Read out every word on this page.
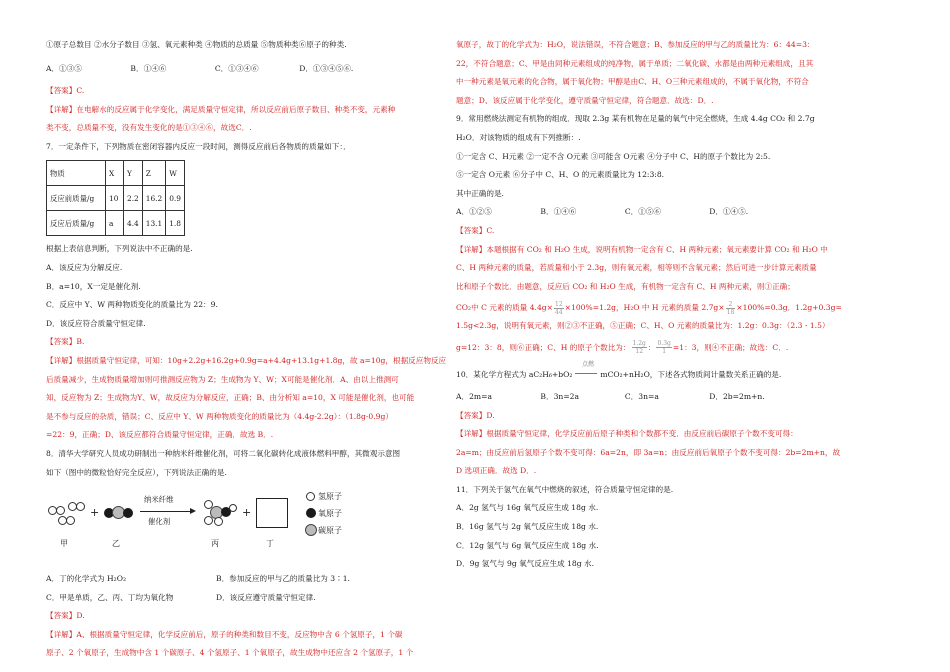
①原子总数目 ②水分子数目 ③氢、氧元素种类 ④物质的总质量 ⑤物质种类⑥原子的种类.
A．①③⑤	B．①④⑥	C．①③④⑥	D．①③④⑤⑥.
【答案】C.
【详解】在电解水的反应属于化学变化，满足质量守恒定律，所以反应前后原子数目、种类不变，元素种
类不变，总质量不变，没有发生变化的是①③④⑥，故选C．.
7．一定条件下，下列物质在密闭容器内反应一段时间，测得反应前后各物质的质量如下：．
物质	X	Y	Z	W
反应前质量/g	10	2.2	16.2	0.9
反应后质量/g	a	4.4	13.1	1.8
根据上表信息判断，下列说法中不正确的是.
A．该反应为分解反应.
B．a=10，X一定是催化剂.
C．反应中 Y、W 两种物质变化的质量比为 22：9.
D．该反应符合质量守恒定律.
【答案】B.
【详解】根据质量守恒定律，可知：10g+2.2g+16.2g+0.9g=a+4.4g+13.1g+1.8g，故 a=10g，根据反应物反应
后质量减少，生成物质量增加则可推测反应物为 Z；生成物为 Y、W；X可能是催化剂．A、由以上推测可
知，反应物为 Z；生成物为Y、W，故反应为分解反应，正确；B、由分析知 a=10，X 可能是催化剂，也可能
是不参与反应的杂质，错误；C、反应中 Y、W 两种物质变化的质量比为（4.4g-2.2g）：（1.8g-0.9g）
=22：9，正确；D、该反应都符合质量守恒定律，正确．故选 B．.
8．清华大学研究人员成功研制出一种纳米纤维催化剂，可将二氧化碳转化成液体燃料甲醇，其微观示意图
如下（图中的微粒恰好完全反应），下列说法正确的是.
甲
+
乙
纳米纤维
催化剂
丙
+
丁
氢原子
氧原子
碳原子
A．丁的化学式为 H₂O₂	B．参加反应的甲与乙的质量比为 3∶1.
C．甲是单质，乙、丙、丁均为氧化物	D．该反应遵守质量守恒定律.
【答案】D.
【详解】A、根据质量守恒定律，化学反应前后，原子的种类和数目不变，反应物中含 6 个氢原子，1 个碳
原子、2 个氧原子，生成物中含 1 个碳原子、4 个氢原子、1 个氧原子，故生成物中还应含 2 个氢原子，1 个
氧原子，故丁的化学式为：H₂O，说法错误，不符合题意；B、参加反应的甲与乙的质量比为：6：44=3：
22，不符合题意；C、甲是由同种元素组成的纯净物，属于单质；二氧化碳、水都是由两种元素组成，且其
中一种元素是氧元素的化合物，属于氧化物；甲醇是由C、H、O三种元素组成的，不属于氧化物，不符合
题意；D、该反应属于化学变化，遵守质量守恒定律，符合题意．故选：D．.
9．常用燃烧法测定有机物的组成．现取 2.3g 某有机物在足量的氧气中完全燃烧，生成 4.4g CO₂ 和 2.7g
H₂O．对该物质的组成有下列推断：.
①一定含 C、H元素 ②一定不含 O元素 ③可能含 O元素 ④分子中 C、H的原子个数比为 2:5.
⑤一定含 O元素 ⑥分子中 C、H、O 的元素质量比为 12:3:8.
其中正确的是.
A．①②⑤	B．①④⑥	C．①⑤⑥	D．①④⑤.
【答案】C.
【详解】本题根据有 CO₂ 和 H₂O 生成，说明有机物一定含有 C、H 两种元素；氧元素要计算 CO₂ 和 H₂O 中
C、H 两种元素的质量，若质量和小于 2.3g，则有氧元素，相等则不含氧元素；然后可进一步计算元素质量
比和原子个数比．由题意，反应后 CO₂ 和 H₂O 生成，有机物一定含有 C、H 两种元素，则①正确；
CO₂中 C 元素的质量 $4.4g\times \frac{12}{44} \times 100\%=1.2g$，H₂O 中 H 元素的质量 $2.7g\times \frac{2}{18} \times 100\%=0.3g$．1.2g+0.3g=
1.5g<2.3g，说明有氧元素，则②③不正确，⑤正确；C、H、O 元素的质量比为：1.2g：0.3g：（2.3 - 1.5）
g=12：3：8，则⑥正确；C、H 的原子个数比为： $\frac{1.2g}{12}$ ： $\frac{0.3g}{1} =1$：3，则④不正确；故选：C．.
点燃
10．某化学方程式为 aC₂H₆+bO₂	mCO₂+nH₂O，下述各式物质间计量数关系正确的是.
A．2m=a	B．3n=2a	C．3n=a	D．2b=2m+n.
【答案】D.
【详解】根据质量守恒定律，化学反应前后原子种类和个数都不变．由反应前后碳原子个数不变可得：
2a=m；由反应前后氢原子个数不变可得：6a=2n，即 3a=n；由反应前后氧原子个数不变可得：2b=2m+n，故
D 选项正确．故选 D．.
11．下列关于氢气在氧气中燃烧的叙述，符合质量守恒定律的是.
A．2g 氢气与 16g 氧气反应生成 18g 水.
B．16g 氢气与 2g 氧气反应生成 18g 水.
C．12g 氢气与 6g 氧气反应生成 18g 水.
D．9g 氢气与 9g 氧气反应生成 18g 水.
